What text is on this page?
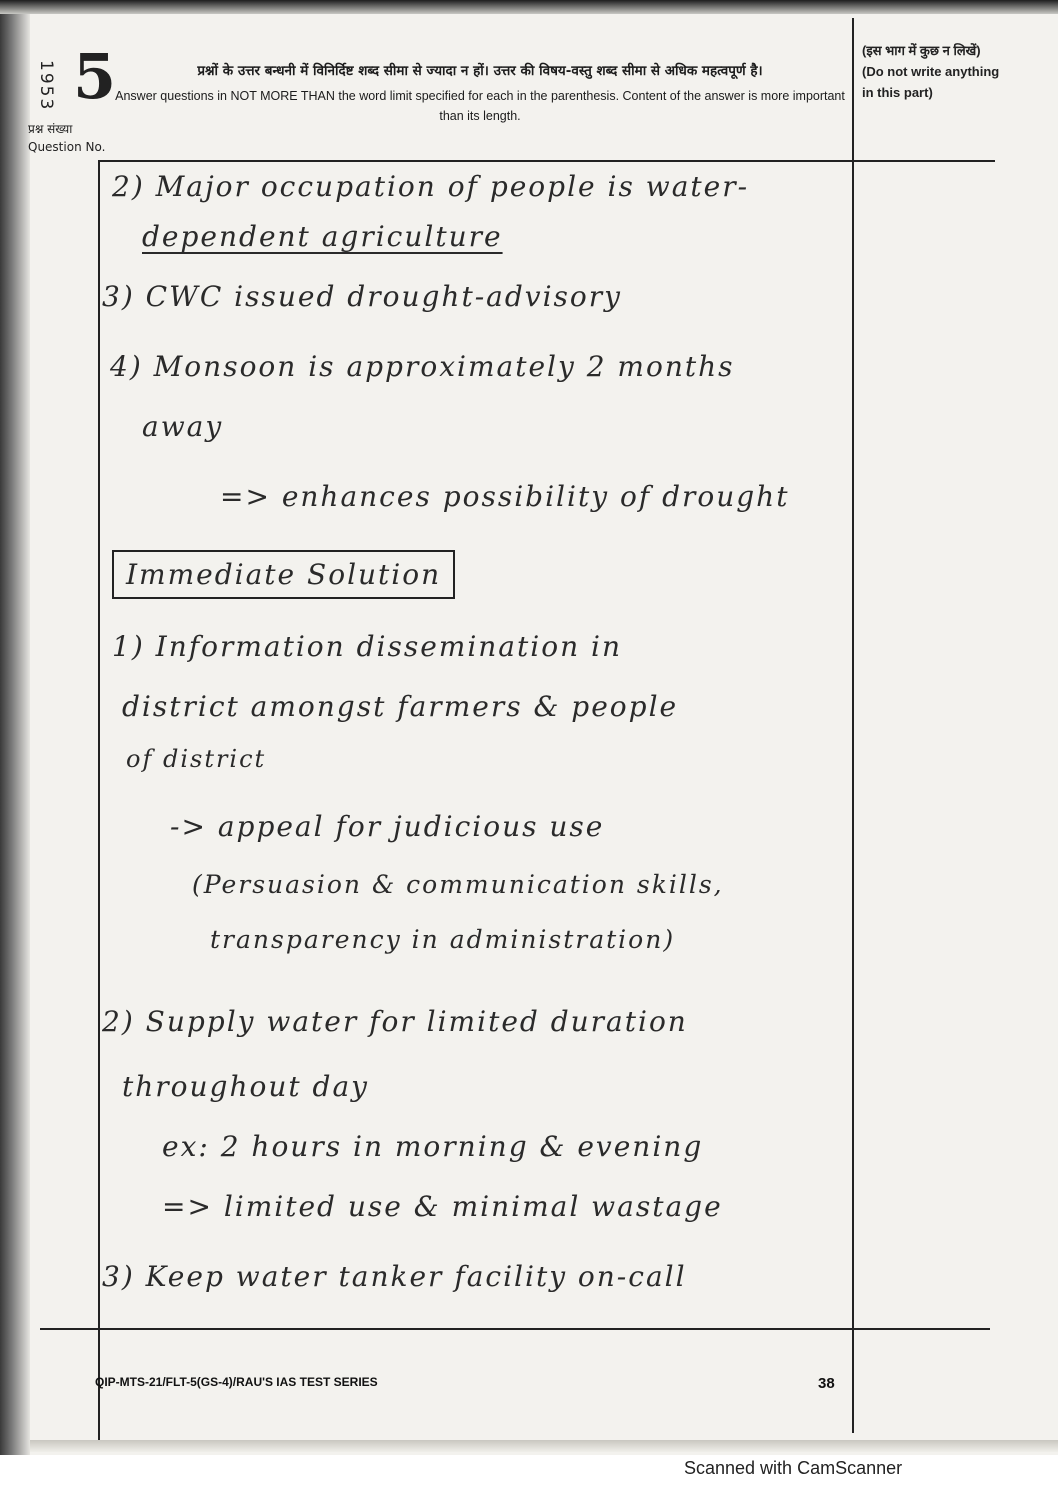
1953 5
प्रश्न संख्या
Question No.
प्रश्नों के उत्तर बन्धनी में विनिर्दिष्ट शब्द सीमा से ज्यादा न हों। उत्तर की विषय-वस्तु शब्द सीमा से अधिक महत्वपूर्ण है।
Answer questions in NOT MORE THAN the word limit specified for each in the parenthesis. Content of the answer is more important than its length.
(इस भाग में कुछ न लिखें)
(Do not write anything in this part)
2) Major occupation of people is water-
dependent agriculture
3) CWC issued drought-advisory
4) Monsoon is approximately 2 months
away
=> enhances possibility of drought
Immediate Solution
1) Information dissemination in
district amongst farmers & people
of district
-> appeal for judicious use
(Persuasion & communication skills,
transparency in administration)
2) Supply water for limited duration
throughout day
ex: 2 hours in morning & evening
=> limited use & minimal wastage
3) Keep water tanker facility on-call
QIP-MTS-21/FLT-5(GS-4)/RAU'S IAS TEST SERIES	38
Scanned with CamScanner
